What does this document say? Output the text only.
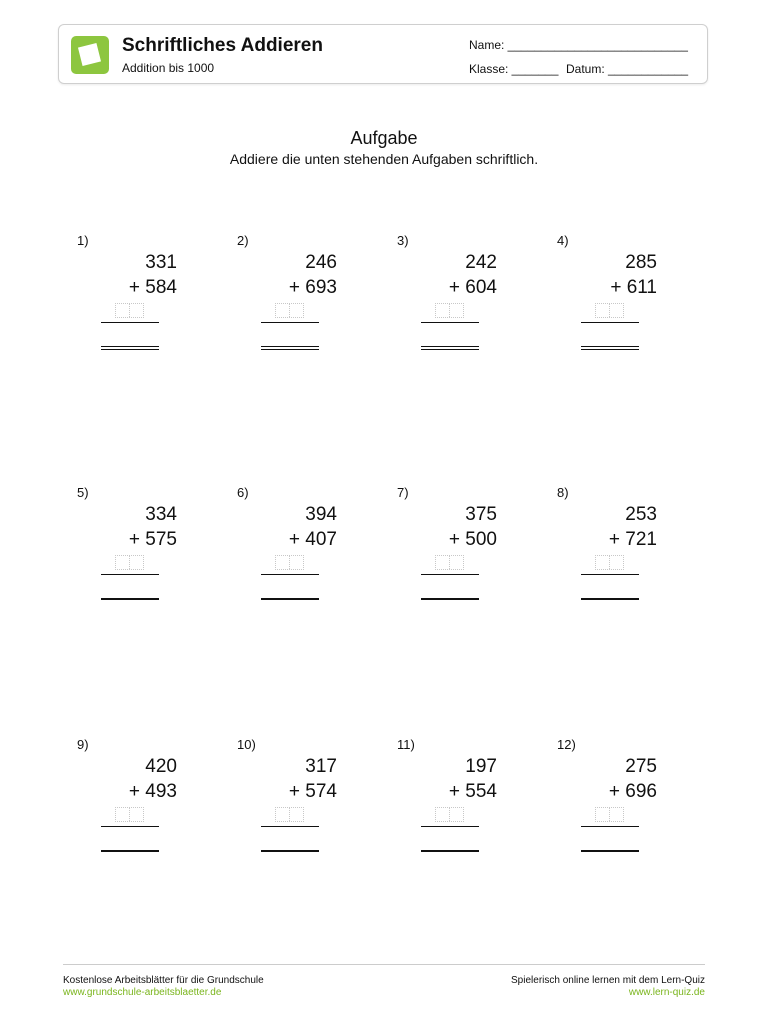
Schriftliches Addieren
Addition bis 1000
Name: ___________________________
Klasse: _______ Datum: ____________
Aufgabe
Addiere die unten stehenden Aufgaben schriftlich.
1)
331
+ 584
2)
246
+ 693
3)
242
+ 604
4)
285
+ 611
5)
334
+ 575
6)
394
+ 407
7)
375
+ 500
8)
253
+ 721
9)
420
+ 493
10)
317
+ 574
11)
197
+ 554
12)
275
+ 696
Kostenlose Arbeitsblätter für die Grundschule
www.grundschule-arbeitsblaetter.de
Spielerisch online lernen mit dem Lern-Quiz
www.lern-quiz.de
